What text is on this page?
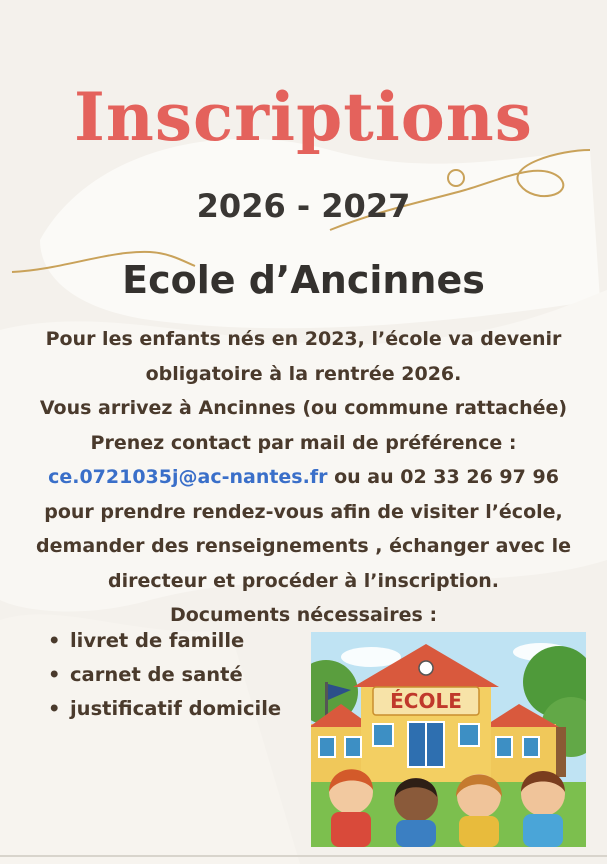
Inscriptions
2026 - 2027
Ecole d’Ancinnes
Pour les enfants nés en 2023, l’école va devenir
obligatoire à la rentrée 2026.
Vous arrivez à Ancinnes (ou commune rattachée)
Prenez contact par mail de préférence :
ce.0721035j@ac-nantes.fr ou au 02 33 26 97 96
pour prendre rendez-vous afin de visiter l’école,
demander des renseignements , échanger avec le
directeur et procéder à l’inscription.
Documents nécessaires :
• livret de famille
• carnet de santé
• justificatif domicile	ÉCOLE
